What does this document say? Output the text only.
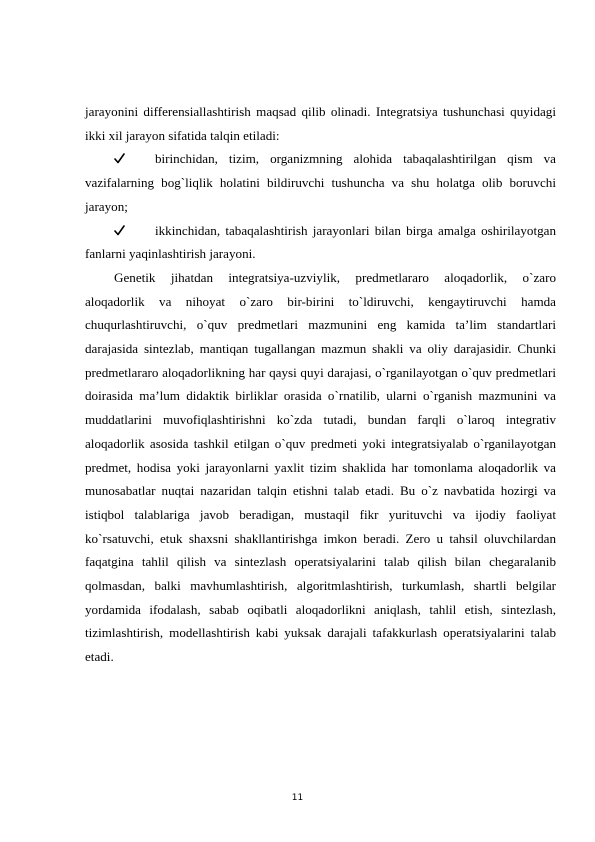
jarayonini differensiallashtirish maqsad qilib olinadi. Integratsiya tushunchasi quyidagi ikki xil jarayon sifatida talqin etiladi:

birinchidan, tizim, organizmning alohida tabaqalashtirilgan qism va vazifalarning bog`liqlik holatini bildiruvchi tushuncha va shu holatga olib boruvchi jarayon;

ikkinchidan, tabaqalashtirish jarayonlari bilan birga amalga oshirilayotgan fanlarni yaqinlashtirish jarayoni.

Genetik jihatdan integratsiya-uzviylik, predmetlararo aloqadorlik, o`zaro aloqadorlik va nihoyat o`zaro bir-birini to`ldiruvchi, kengaytiruvchi hamda chuqurlashtiruvchi, o`quv predmetlari mazmunini eng kamida ta’lim standartlari darajasida sintezlab, mantiqan tugallangan mazmun shakli va oliy darajasidir. Chunki predmetlararo aloqadorlikning har qaysi quyi darajasi, o`rganilayotgan o`quv predmetlari doirasida ma’lum didaktik birliklar orasida o`rnatilib, ularni o`rganish mazmunini va muddatlarini muvofiqlashtirishni ko`zda tutadi, bundan farqli o`laroq integrativ aloqadorlik asosida tashkil etilgan o`quv predmeti yoki integratsiyalab o`rganilayotgan predmet, hodisa yoki jarayonlarni yaxlit tizim shaklida har tomonlama aloqadorlik va munosabatlar nuqtai nazaridan talqin etishni talab etadi. Bu o`z navbatida hozirgi va istiqbol talablariga javob beradigan, mustaqil fikr yurituvchi va ijodiy faoliyat ko`rsatuvchi, etuk shaxsni shakllantirishga imkon beradi. Zero u tahsil oluvchilardan faqatgina tahlil qilish va sintezlash operatsiyalarini talab qilish bilan chegaralanib qolmasdan, balki mavhumlashtirish, algoritmlashtirish, turkumlash, shartli belgilar yordamida ifodalash, sabab oqibatli aloqadorlikni aniqlash, tahlil etish, sintezlash, tizimlashtirish, modellashtirish kabi yuksak darajali tafakkurlash operatsiyalarini talab etadi.

11
